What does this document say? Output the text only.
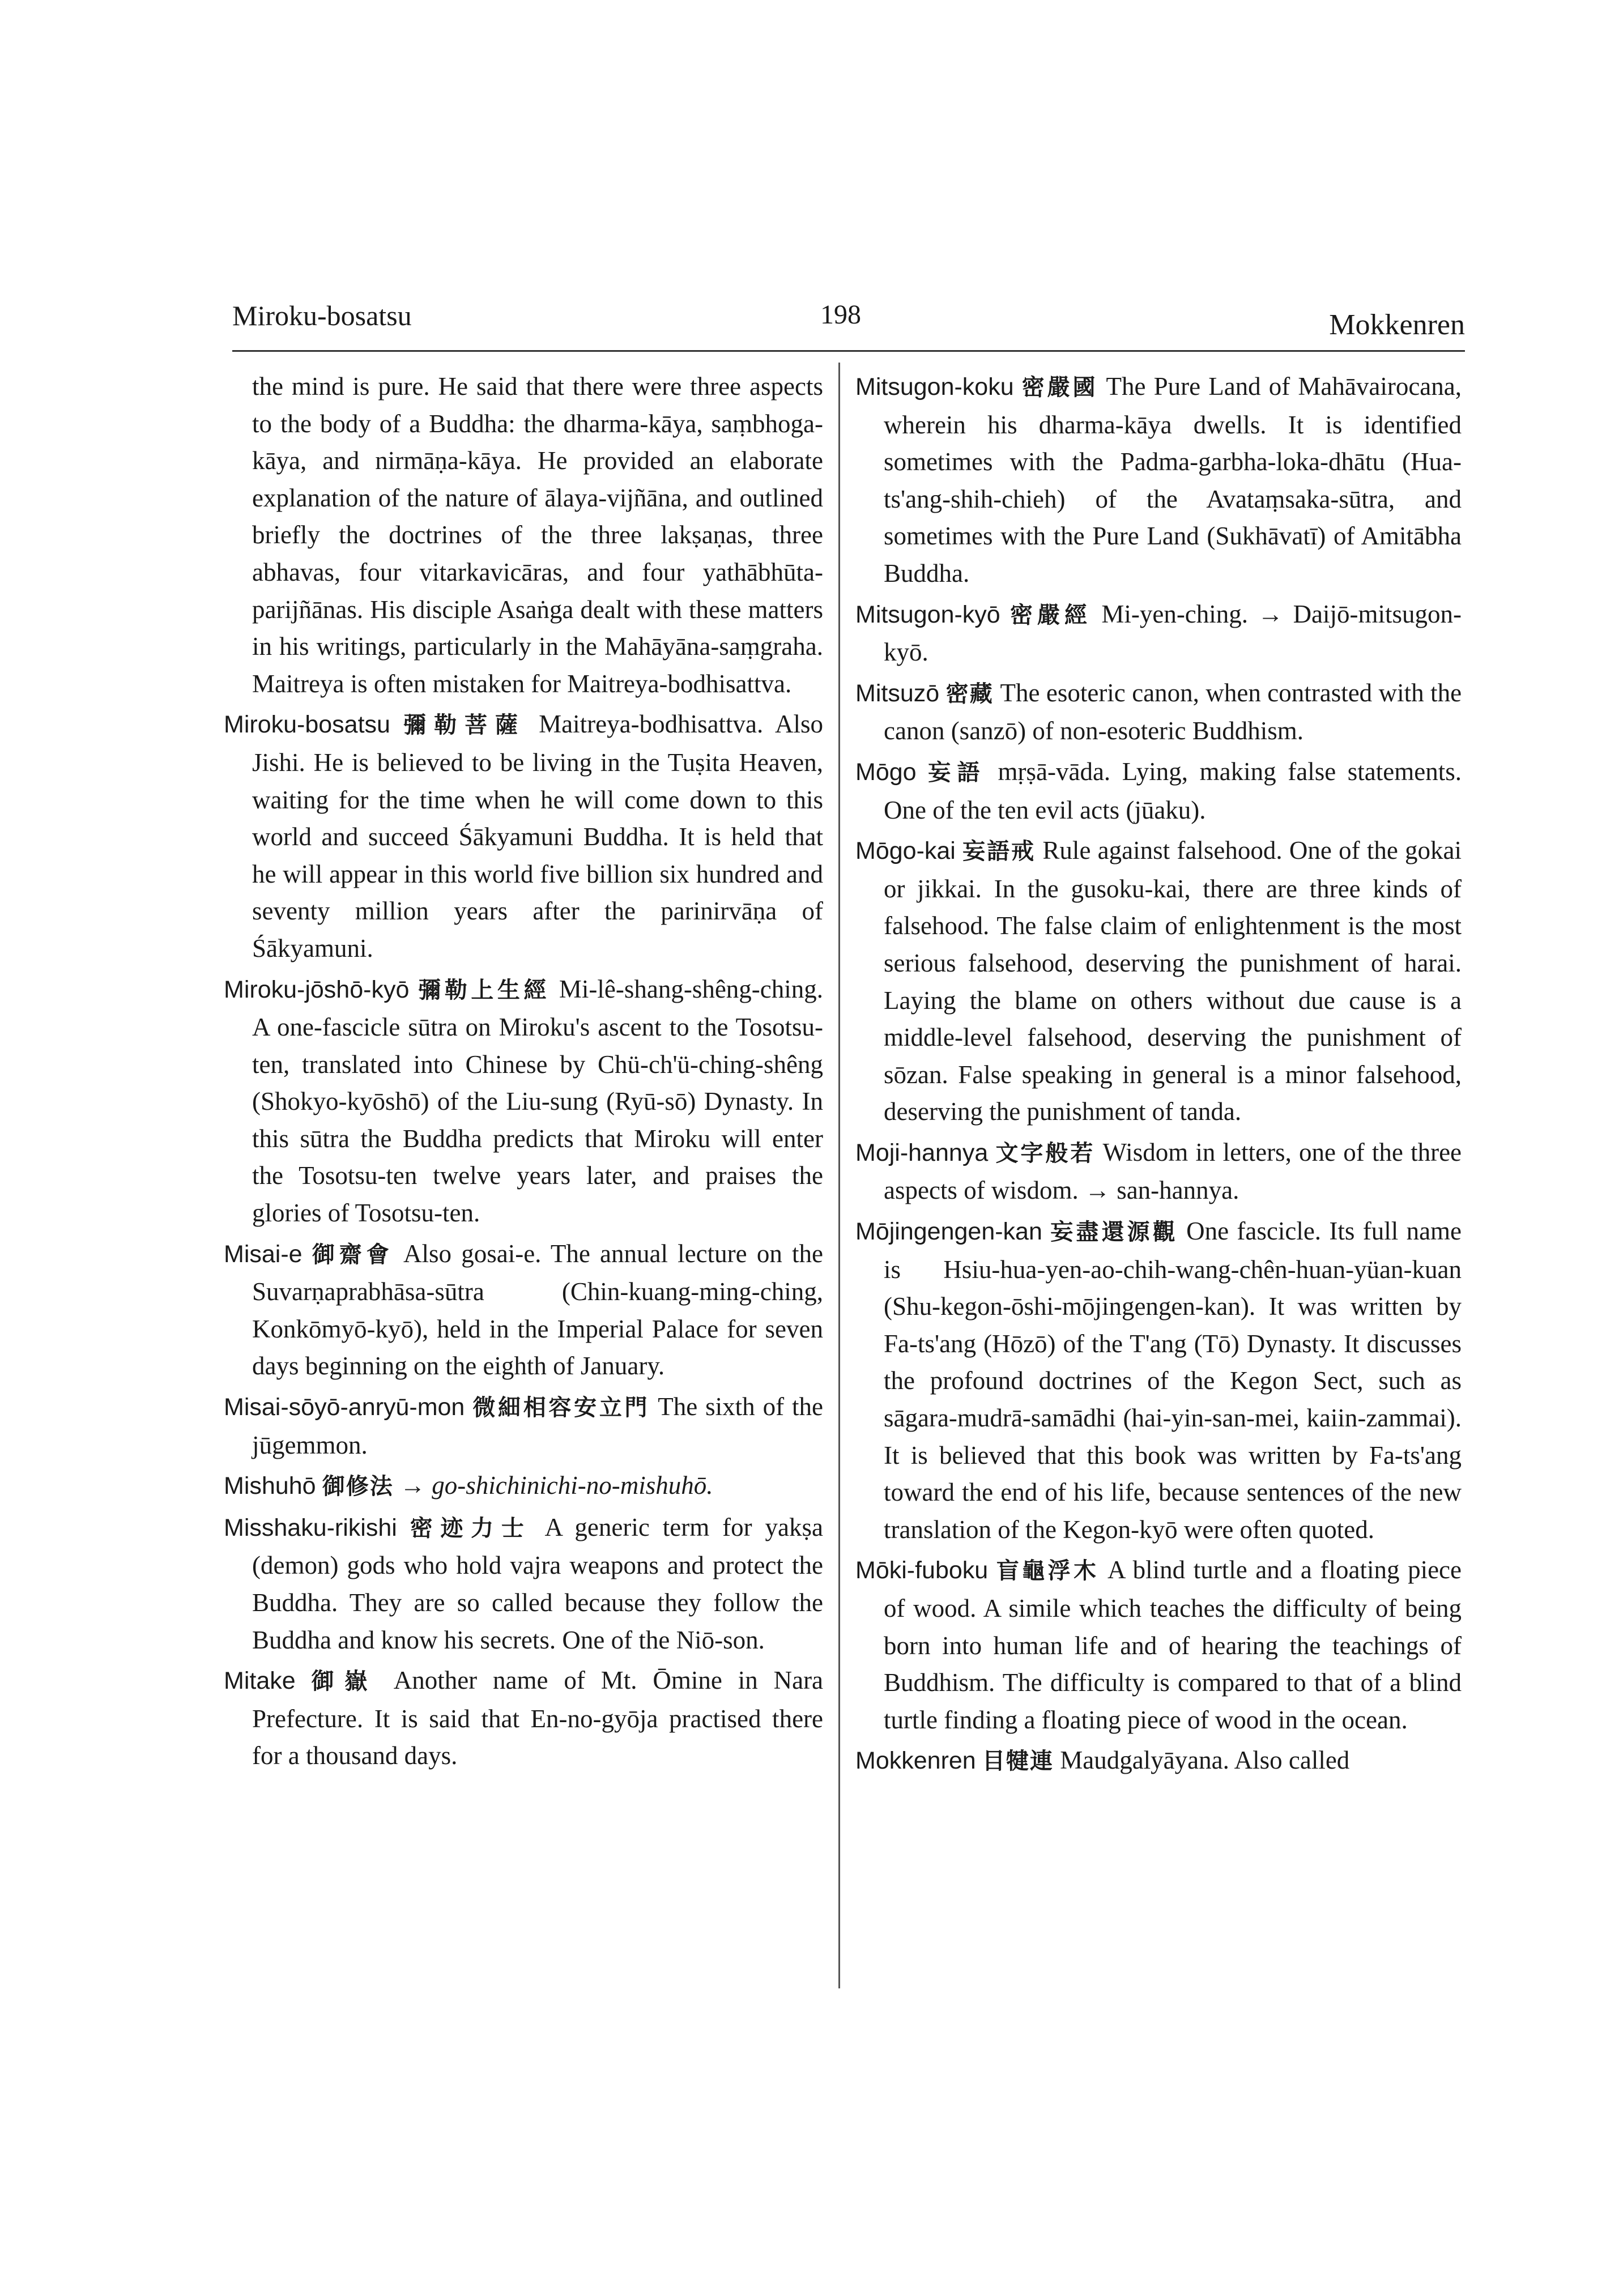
Miroku-bosatsu	198	Mokkenren

the mind is pure. He said that there were three aspects to the body of a Buddha: the dharma-kāya, saṃbhoga-kāya, and nirmāṇa-kāya. He provided an elaborate explanation of the nature of ālaya-vijñāna, and outlined briefly the doctrines of the three lakṣaṇas, three abhavas, four vitarkavicāras, and four yathābhūta-parijñānas. His disciple Asaṅga dealt with these matters in his writings, particularly in the Mahāyāna-saṃgraha. Maitreya is often mistaken for Maitreya-bodhisattva.

Miroku-bosatsu 彌勒菩薩 Maitreya-bodhisattva. Also Jishi. He is believed to be living in the Tuṣita Heaven, waiting for the time when he will come down to this world and succeed Śākyamuni Buddha. It is held that he will appear in this world five billion six hundred and seventy million years after the parinirvāṇa of Śākyamuni.

Miroku-jōshō-kyō 彌勒上生經 Mi-lê-shang-shêng-ching. A one-fascicle sūtra on Miroku's ascent to the Tosotsu-ten, translated into Chinese by Chü-ch'ü-ching-shêng (Shokyo-kyōshō) of the Liu-sung (Ryū-sō) Dynasty. In this sūtra the Buddha predicts that Miroku will enter the Tosotsu-ten twelve years later, and praises the glories of Tosotsu-ten.

Misai-e 御齋會 Also gosai-e. The annual lecture on the Suvarṇaprabhāsa-sūtra (Chin-kuang-ming-ching, Konkōmyō-kyō), held in the Imperial Palace for seven days beginning on the eighth of January.

Misai-sōyō-anryū-mon 微細相容安立門 The sixth of the jūgemmon.

Mishuhō 御修法 → go-shichinichi-no-mishuhō.

Misshaku-rikishi 密迹力士 A generic term for yakṣa (demon) gods who hold vajra weapons and protect the Buddha. They are so called because they follow the Buddha and know his secrets. One of the Niō-son.

Mitake 御嶽 Another name of Mt. Ōmine in Nara Prefecture. It is said that En-no-gyōja practised there for a thousand days.

Mitsugon-koku 密嚴國 The Pure Land of Mahāvairocana, wherein his dharma-kāya dwells. It is identified sometimes with the Padma-garbha-loka-dhātu (Hua-ts'ang-shih-chieh) of the Avataṃsaka-sūtra, and sometimes with the Pure Land (Sukhāvatī) of Amitābha Buddha.

Mitsugon-kyō 密嚴經 Mi-yen-ching. → Daijō-mitsugon-kyō.

Mitsuzō 密藏 The esoteric canon, when contrasted with the canon (sanzō) of non-esoteric Buddhism.

Mōgo 妄語 mṛṣā-vāda. Lying, making false statements. One of the ten evil acts (jūaku).

Mōgo-kai 妄語戒 Rule against falsehood. One of the gokai or jikkai. In the gusoku-kai, there are three kinds of falsehood. The false claim of enlightenment is the most serious falsehood, deserving the punishment of harai. Laying the blame on others without due cause is a middle-level falsehood, deserving the punishment of sōzan. False speaking in general is a minor falsehood, deserving the punishment of tanda.

Moji-hannya 文字般若 Wisdom in letters, one of the three aspects of wisdom. → san-hannya.

Mōjingengen-kan 妄盡還源觀 One fascicle. Its full name is Hsiu-hua-yen-ao-chih-wang-chên-huan-yüan-kuan (Shu-kegon-ōshi-mōjingengen-kan). It was written by Fa-ts'ang (Hōzō) of the T'ang (Tō) Dynasty. It discusses the profound doctrines of the Kegon Sect, such as sāgara-mudrā-samādhi (hai-yin-san-mei, kaiin-zammai). It is believed that this book was written by Fa-ts'ang toward the end of his life, because sentences of the new translation of the Kegon-kyō were often quoted.

Mōki-fuboku 盲龜浮木 A blind turtle and a floating piece of wood. A simile which teaches the difficulty of being born into human life and of hearing the teachings of Buddhism. The difficulty is compared to that of a blind turtle finding a floating piece of wood in the ocean.

Mokkenren 目犍連 Maudgalyāyana. Also called
